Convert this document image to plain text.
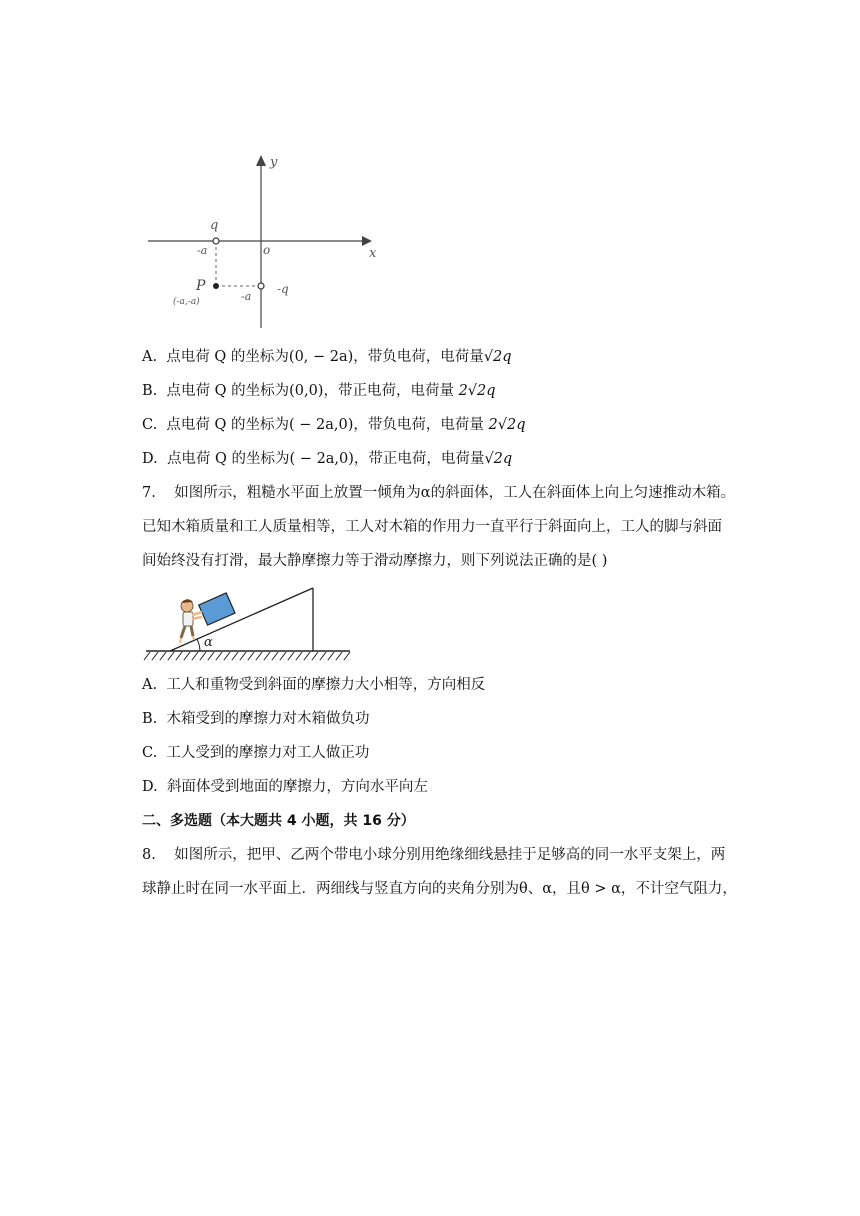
y
x
o
q
-a
-a
-q
P
(-a,-a)
A. 点电荷 Q 的坐标为(0, − 2a)，带负电荷，电荷量√2q
B. 点电荷 Q 的坐标为(0,0)，带正电荷，电荷量 2√2q
C. 点电荷 Q 的坐标为( − 2a,0)，带负电荷，电荷量 2√2q
D. 点电荷 Q 的坐标为( − 2a,0)，带正电荷，电荷量√2q
7. 如图所示，粗糙水平面上放置一倾角为α的斜面体，工人在斜面体上向上匀速推动木箱。
已知木箱质量和工人质量相等，工人对木箱的作用力一直平行于斜面向上，工人的脚与斜面
间始终没有打滑，最大静摩擦力等于滑动摩擦力，则下列说法正确的是( )
α
A. 工人和重物受到斜面的摩擦力大小相等，方向相反
B. 木箱受到的摩擦力对木箱做负功
C. 工人受到的摩擦力对工人做正功
D. 斜面体受到地面的摩擦力，方向水平向左
二、多选题（本大题共 4 小题，共 16 分）
8. 如图所示，把甲、乙两个带电小球分别用绝缘细线悬挂于足够高的同一水平支架上，两
球静止时在同一水平面上．两细线与竖直方向的夹角分别为θ、α，且θ > α，不计空气阻力，
